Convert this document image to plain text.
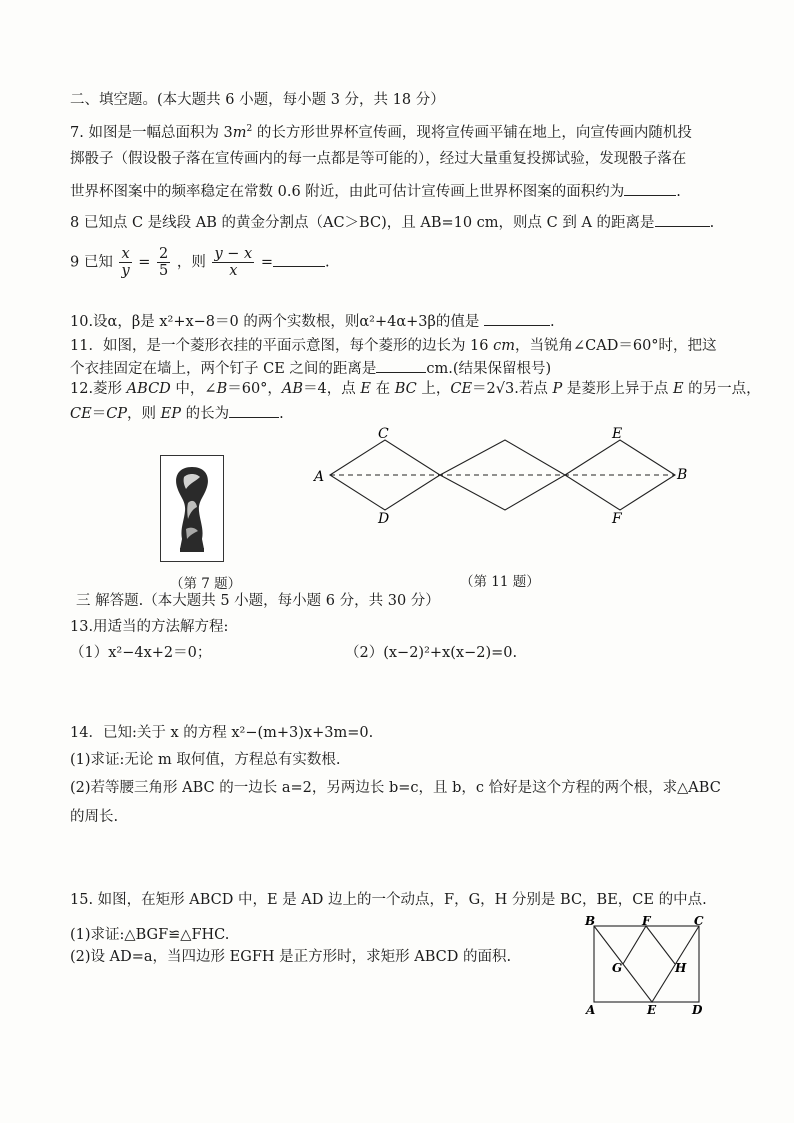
二、填空题。(本大题共 6 小题，每小题 3 分，共 18 分）
7. 如图是一幅总面积为 $3m^2$ 的长方形世界杯宣传画，现将宣传画平铺在地上，向宣传画内随机投
掷骰子（假设骰子落在宣传画内的每一点都是等可能的），经过大量重复投掷试验，发现骰子落在
世界杯图案中的频率稳定在常数 0.6 附近，由此可估计宣传画上世界杯图案的面积约为	.
8 已知点 C 是线段 AB 的黄金分割点（AC＞BC)，且 AB=10 cm，则点 C 到 A 的距离是	.
9 已知 $\frac{x}{y} = \frac{2}{5}$ ，则 $\frac{y - x}{x}$ =	.
10.设α，β是 x²+x−8＝0 的两个实数根，则α²+4α+3β的值是	.
11．如图，是一个菱形衣挂的平面示意图，每个菱形的边长为 16 cm，当锐角∠CAD＝60°时，把这
个衣挂固定在墙上，两个钉子 CE 之间的距离是	cm.(结果保留根号)
12.菱形 ABCD 中，∠B＝60°，AB＝4，点 E 在 BC 上，CE＝2√3.若点 P 是菱形上异于点 E 的另一点，
CE＝CP，则 EP 的长为	.
（第 7 题）
A	B
C
D
E
F
（第 11 题）
三 解答题.（本大题共 5 小题，每小题 6 分，共 30 分）
13.用适当的方法解方程:
（1）x²−4x+2＝0；	（2）(x−2)²+x(x−2)=0.
14．已知:关于 x 的方程 x²−(m+3)x+3m=0.
(1)求证:无论 m 取何值，方程总有实数根.
(2)若等腰三角形 ABC 的一边长 a=2，另两边长 b=c，且 b，c 恰好是这个方程的两个根，求△ABC
的周长.
15. 如图，在矩形 ABCD 中，E 是 AD 边上的一个动点，F，G，H 分别是 BC，BE，CE 的中点.
(1)求证:△BGF≌△FHC.
(2)设 AD=a，当四边形 EGFH 是正方形时，求矩形 ABCD 的面积.
B	F	C
G	H
A	E	D
